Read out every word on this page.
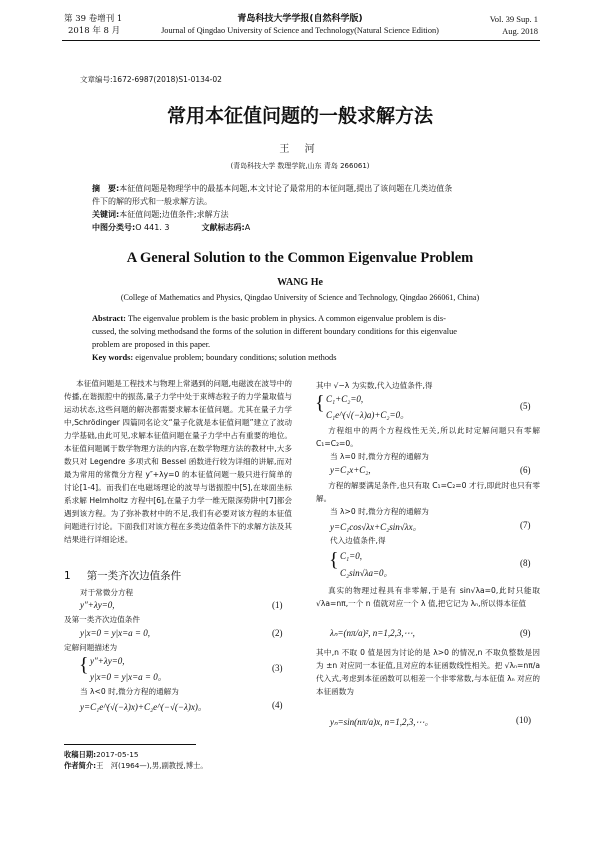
第 39 卷增刊 1
2018 年 8 月
青岛科技大学学报(自然科学版)
Journal of Qingdao University of Science and Technology(Natural Science Edition)
Vol. 39 Sup. 1
Aug. 2018
文章编号:1672-6987(2018)S1-0134-02
常用本征值问题的一般求解方法
王 河
(青岛科技大学 数理学院,山东 青岛 266061)
摘　要:本征值问题是物理学中的最基本问题,本文讨论了最常用的本征问题,提出了该问题在几类边值条
件下的解的形式和一般求解方法。
关键词:本征值问题;边值条件;求解方法
中图分类号:O 441. 3	文献标志码:A
A General Solution to the Common Eigenvalue Problem
WANG He
(College of Mathematics and Physics, Qingdao University of Science and Technology, Qingdao 266061, China)
Abstract: The eigenvalue problem is the basic problem in physics. A common eigenvalue problem is dis-
cussed, the solving methodsand the forms of the solution in different boundary conditions for this eigenvalue
problem are proposed in this paper.
Key words: eigenvalue problem; boundary conditions; solution methods

本征值问题是工程技术与物理上常遇到的问题,电磁波在波导中的传播,在谐振腔中的振荡,量子力学中处于束缚态粒子的力学量取值与运动状态,这些问题的解决都需要求解本征值问题。尤其在量子力学中,Schrödinger 四篇同名论文“量子化就是本征值问题”建立了波动力学基础,由此可见,求解本征值问题在量子力学中占有重要的地位。本征值问题属于数学物理方法的内容,在数学物理方法的教材中,大多数只对 Legendre 多项式和 Bessel 函数进行较为详细的讲解,而对最为常用的常微分方程 y″+λy=0 的本征值问题一般只进行简单的讨论[1-4]。而我们在电磁场理论的波导与谐振腔中[5],在球面坐标系求解 Helmholtz 方程中[6],在量子力学一维无限深势阱中[7]都会遇到该方程。为了弥补教材中的不足,我们有必要对该方程的本征值问题进行讨论。下面我们对该方程在多类边值条件下的求解方法及其结果进行详细论述。

1 第一类齐次边值条件
对于常微分方程
y″+λy=0,	(1)
及第一类齐次边值条件
y|x=0 = y|x=a = 0,	(2)
定解问题描述为
{ y″+λy=0,
y|x=0 = y|x=a = 0。
(3)
当 λ<0 时,微分方程的通解为
y=C₁e^(√(−λ)x)+C₂e^(−√(−λ)x)。	(4)
其中 √−λ 为实数,代入边值条件,得
{ C₁+C₂=0,
C₁e^(√(−λ)a)+C₂=0。
(5)

方程组中的两个方程线性无关,所以此时定解问题只有零解 C₁=C₂=0。

当 λ=0 时,微分方程的通解为
y=C₁x+C₂,	(6)

方程的解要满足条件,也只有取 C₁=C₂=0 才行,即此时也只有零解。

当 λ>0 时,微分方程的通解为
y=C₁cos√λx+C₂sin√λx。	(7)
代入边值条件,得
{ C₁=0,
C₂sin√λa=0。
(8)

真实的物理过程具有非零解,于是有 sin√λa=0,此时只能取 √λa=nπ,一个 n 值就对应一个 λ 值,把它记为 λₙ,所以得本征值

λₙ=(nπ/a)², n=1,2,3,⋯,	(9)

其中,n 不取 0 值是因为讨论的是 λ>0 的情况,n 不取负整数是因为 ±n 对应同一本征值,且对应的本征函数线性相关。把 √λₙ=nπ/a 代入式,考虑到本征函数可以相差一个非零常数,与本征值 λₙ 对应的本征函数为

yₙ=sin(nπ/a)x, n=1,2,3,⋯。	(10)
收稿日期:2017-05-15
作者简介:王　河(1964—),男,副教授,博士。
